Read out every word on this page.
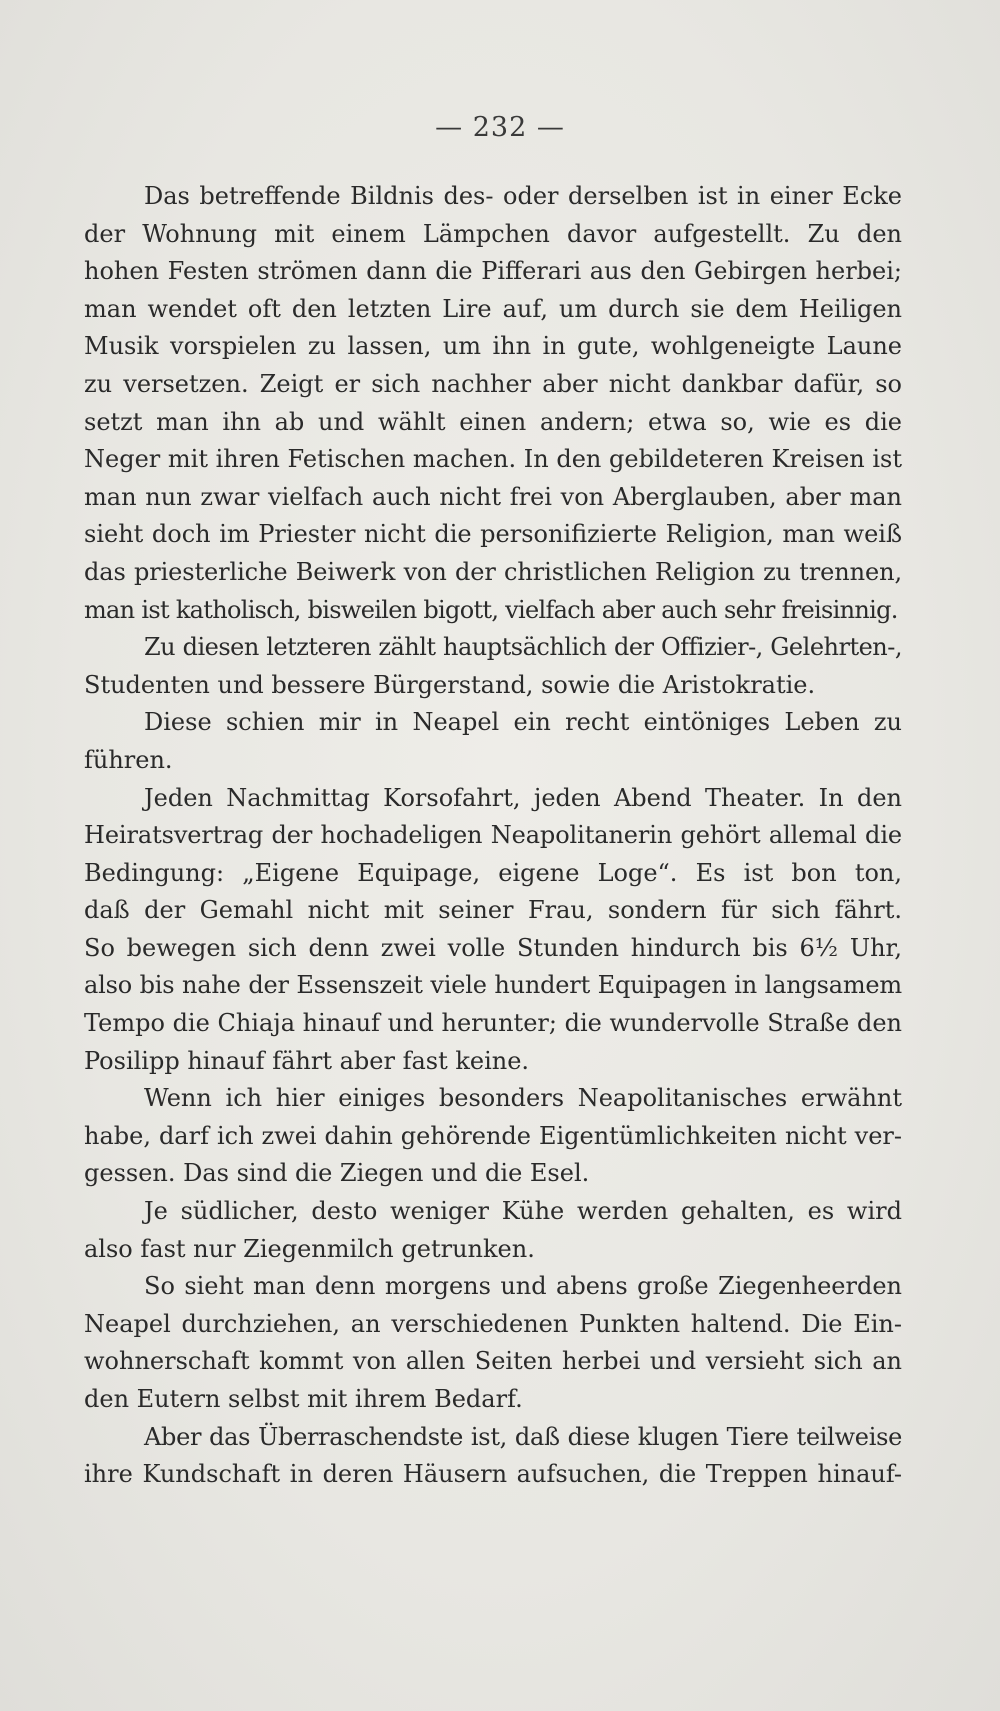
— 232 —
Das betreffende Bildnis des- oder derselben ist in einer Ecke
der Wohnung mit einem Lämpchen davor aufgestellt. Zu den
hohen Festen strömen dann die Pifferari aus den Gebirgen herbei;
man wendet oft den letzten Lire auf, um durch sie dem Heiligen
Musik vorspielen zu lassen, um ihn in gute, wohlgeneigte Laune
zu versetzen. Zeigt er sich nachher aber nicht dankbar dafür, so
setzt man ihn ab und wählt einen andern; etwa so, wie es die
Neger mit ihren Fetischen machen. In den gebildeteren Kreisen ist
man nun zwar vielfach auch nicht frei von Aberglauben, aber man
sieht doch im Priester nicht die personifizierte Religion, man weiß
das priesterliche Beiwerk von der christlichen Religion zu trennen,
man ist katholisch, bisweilen bigott, vielfach aber auch sehr freisinnig.
Zu diesen letzteren zählt hauptsächlich der Offizier-, Gelehrten-,
Studenten und bessere Bürgerstand, sowie die Aristokratie.
Diese schien mir in Neapel ein recht eintöniges Leben zu
führen.
Jeden Nachmittag Korsofahrt, jeden Abend Theater. In den
Heiratsvertrag der hochadeligen Neapolitanerin gehört allemal die
Bedingung: „Eigene Equipage, eigene Loge“. Es ist bon ton,
daß der Gemahl nicht mit seiner Frau, sondern für sich fährt.
So bewegen sich denn zwei volle Stunden hindurch bis 6½ Uhr,
also bis nahe der Essenszeit viele hundert Equipagen in langsamem
Tempo die Chiaja hinauf und herunter; die wundervolle Straße den
Posilipp hinauf fährt aber fast keine.
Wenn ich hier einiges besonders Neapolitanisches erwähnt
habe, darf ich zwei dahin gehörende Eigentümlichkeiten nicht ver-
gessen. Das sind die Ziegen und die Esel.
Je südlicher, desto weniger Kühe werden gehalten, es wird
also fast nur Ziegenmilch getrunken.
So sieht man denn morgens und abens große Ziegenheerden
Neapel durchziehen, an verschiedenen Punkten haltend. Die Ein-
wohnerschaft kommt von allen Seiten herbei und versieht sich an
den Eutern selbst mit ihrem Bedarf.
Aber das Überraschendste ist, daß diese klugen Tiere teilweise
ihre Kundschaft in deren Häusern aufsuchen, die Treppen hinauf-
